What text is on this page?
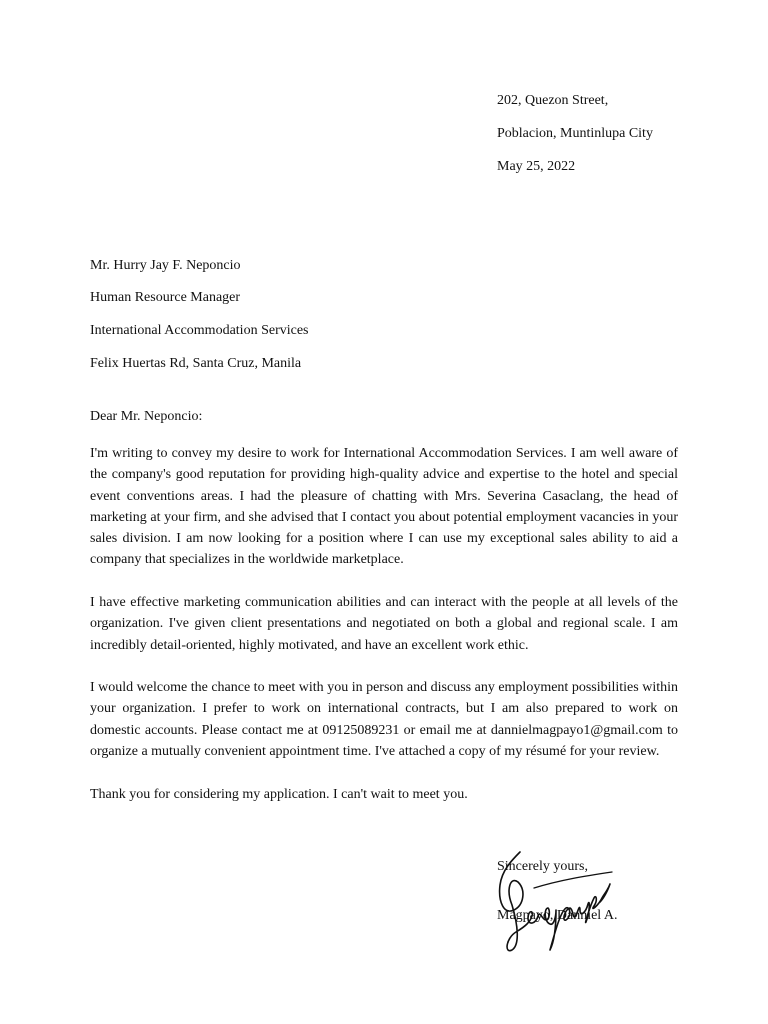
202, Quezon Street,
Poblacion, Muntinlupa City
May 25, 2022
Mr. Hurry Jay F. Neponcio
Human Resource Manager
International Accommodation Services
Felix Huertas Rd, Santa Cruz, Manila
Dear Mr. Neponcio:

I'm writing to convey my desire to work for International Accommodation Services. I am well aware of the company's good reputation for providing high-quality advice and expertise to the hotel and special event conventions areas. I had the pleasure of chatting with Mrs. Severina Casaclang, the head of marketing at your firm, and she advised that I contact you about potential employment vacancies in your sales division. I am now looking for a position where I can use my exceptional sales ability to aid a company that specializes in the worldwide marketplace.

I have effective marketing communication abilities and can interact with the people at all levels of the organization. I've given client presentations and negotiated on both a global and regional scale. I am incredibly detail-oriented, highly motivated, and have an excellent work ethic.

I would welcome the chance to meet with you in person and discuss any employment possibilities within your organization. I prefer to work on international contracts, but I am also prepared to work on domestic accounts. Please contact me at 09125089231 or email me at dannielmagpayo1@gmail.com to organize a mutually convenient appointment time. I've attached a copy of my résumé for your review.

Thank you for considering my application. I can't wait to meet you.

Sincerely yours,
Magpayo, Danniel A.
